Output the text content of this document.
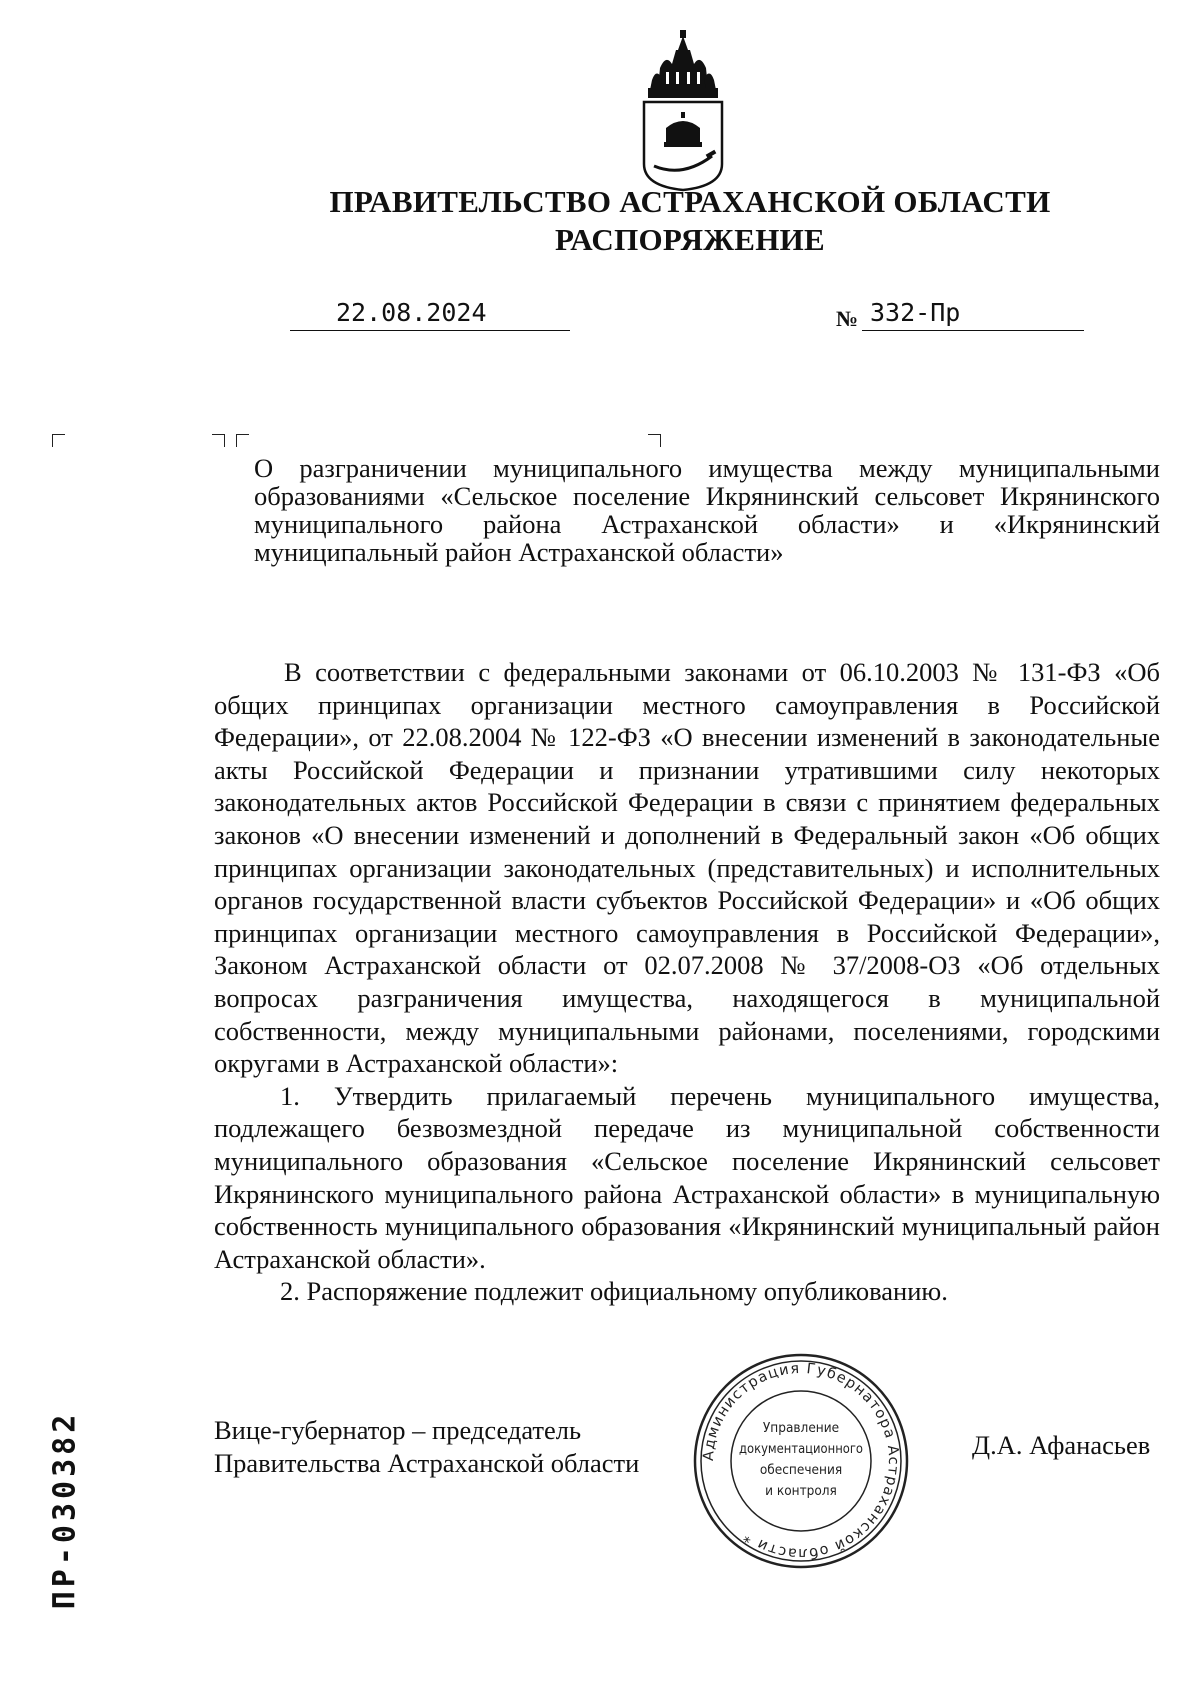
ПРАВИТЕЛЬСТВО АСТРАХАНСКОЙ ОБЛАСТИ
РАСПОРЯЖЕНИЕ
22.08.2024	№ 332-Пр
О разграничении муниципального имущества между муниципальными образованиями «Сельское поселение Икрянинский сельсовет Икрянинского муниципального района Астраханской области» и «Икрянинский муниципальный район Астраханской области»

В соответствии с федеральными законами от 06.10.2003 № 131-ФЗ «Об общих принципах организации местного самоуправления в Российской Федерации», от 22.08.2004 № 122-ФЗ «О внесении изменений в законодательные акты Российской Федерации и признании утратившими силу некоторых законодательных актов Российской Федерации в связи с принятием федеральных законов «О внесении изменений и дополнений в Федеральный закон «Об общих принципах организации законодательных (представительных) и исполнительных органов государственной власти субъектов Российской Федерации» и «Об общих принципах организации местного самоуправления в Российской Федерации», Законом Астраханской области от 02.07.2008 № 37/2008-ОЗ «Об отдельных вопросах разграничения имущества, находящегося в муниципальной собственности, между муниципальными районами, поселениями, городскими округами в Астраханской области»:

1. Утвердить прилагаемый перечень муниципального имущества, подлежащего безвозмездной передаче из муниципальной собственности муниципального образования «Сельское поселение Икрянинский сельсовет Икрянинского муниципального района Астраханской области» в муниципальную собственность муниципального образования «Икрянинский муниципальный район Астраханской области».

2. Распоряжение подлежит официальному опубликованию.

Вице-губернатор – председатель
Правительства Астраханской области	Администрация Губернатора Астраханской области *
Управление
документационного
обеспечения
и контроля
Д.А. Афанасьев
ПР-030382
